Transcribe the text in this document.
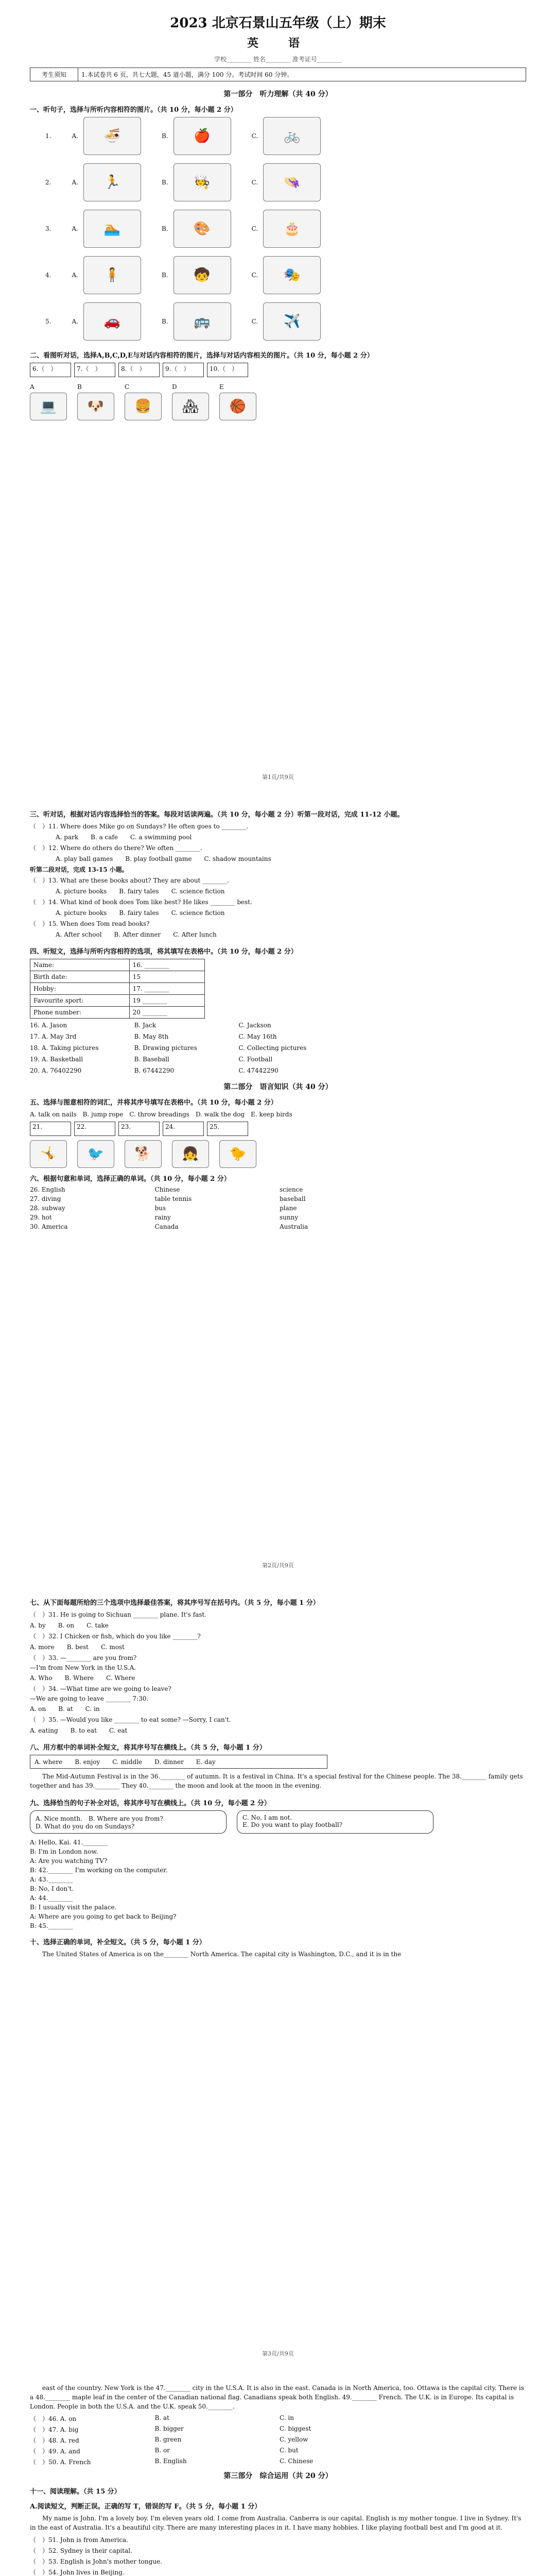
2023 北京石景山五年级（上）期末
英　语
学校________ 姓名________ 准考证号________
考生须知	1.本试卷共 6 页，共七大题，45 道小题，满分 100 分。考试时间 60 分钟。
第一部分　听力理解（共 40 分）
一、听句子，选择与所听内容相符的图片。（共 10 分，每小题 2 分）
1.	A.	🍜	B.	🍎	C.	🚲
2.	A.	🏃	B.	🧑‍🍳	C.	👒
3.	A.	🏊	B.	🎨	C.	🎂
4.	A.	🧍	B.	🧒	C.	🎭
5.	A.	🚗	B.	🚌	C.	✈️
二、看图听对话，选择A,B,C,D,E与对话内容相符的图片，选择与对话内容相关的图片。（共 10 分，每小题 2 分）
6.（　）	7.（　）	8.（　）	9.（　）	10.（　）
A
💻
B
🐶
C
🍔
D
🏘
E
🏀
第1页/共9页
三、听对话，根据对话内容选择恰当的答案。每段对话读两遍。（共 10 分，每小题 2 分）听第一段对话，完成 11-12 小题。
（　）11. Where does Mike go on Sundays? He often goes to ________.
A. park　　B. a cafe　　C. a swimming pool
（　）12. Where do others do there? We often ________.
A. play ball games　　B. play football game　　C. shadow mountains
听第二段对话，完成 13-15 小题。
（　）13. What are these books about? They are about ________.
A. picture books　　B. fairy tales　　C. science fiction
（　）14. What kind of book does Tom like best? He likes ________ best.
A. picture books　　B. fairy tales　　C. science fiction
（　）15. When does Tom read books?
A. After school　　B. After dinner　　C. After lunch
四、听短文，选择与所听内容相符的选项，将其填写在表格中。（共 10 分，每小题 2 分）
Name:	16. ________
Birth date:	15
Hobby:	17. ________
Favourite sport:	19 ________
Phone number:	20 ________
16. A. Jason	B. Jack	C. Jackson
17. A. May 3rd	B. May 8th	C. May 16th
18. A. Taking pictures	B. Drawing pictures	C. Collecting pictures
19. A. Basketball	B. Baseball	C. Football
20. A. 76402290	B. 67442290	C. 47442290
第二部分　语言知识（共 40 分）
五、选择与图意相符的词汇，并将其序号填写在表格中。（共 10 分，每小题 2 分）
A. talk on nails　B. jump rope　C. throw breadings　D. walk the dog　E. keep birds
21.	22.	23.	24.	25.
🤸	🐦	🐕	👧	🐤
六、根据句意和单词，选择正确的单词。（共 10 分，每小题 2 分）
26. English	Chinese	science
27. diving	table tennis	baseball
28. subway	bus	plane
29. hot	rainy	sunny
30. America	Canada	Australia
第2页/共9页
七、从下面每题所给的三个选项中选择最佳答案，将其序号写在括号内。（共 5 分，每小题 1 分）
（　）31. He is going to Sichuan ________ plane. It's fast.
A. by　　B. on　　C. take
（　）32. I Chicken or fish, which do you like ________?
A. more　　B. best　　C. most
（　）33. —________ are you from?
—I'm from New York in the U.S.A.
A. Who　　B. Where　　C. Where
（　）34. —What time are we going to leave?
—We are going to leave ________ 7:30.
A. on　　B. at　　C. in
（　）35. —Would you like ________ to eat some? —Sorry, I can't.
A. eating　　B. to eat　　C. eat
八、用方框中的单词补全短文，将其序号写在横线上。（共 5 分，每小题 1 分）
A. where　　B. enjoy　　C. middle　　D. dinner　　E. day
The Mid-Autumn Festival is in the 36.________ of autumn. It is a festival in China. It's a special festival for the Chinese people. The 38.________ family gets together and has 39.________ They 40.________ the moon and look at the moon in the evening.
九、选择恰当的句子补全对话，将其序号写在横线上。（共 10 分，每小题 2 分）
A. Nice month.　B. Where are you from?
D. What do you do on Sundays?
C. No, I am not.
E. Do you want to play football?
A: Hello, Kai. 41.________
B: I'm in London now.
A: Are you watching TV?
B: 42.________ I'm working on the computer.
A: 43.________
B: No, I don't.
A: 44.________
B: I usually visit the palace.
A: Where are you going to get back to Beijing?
B: 45.________
十、选择正确的单词，补全短文。（共 5 分，每小题 1 分）
The United States of America is on the________ North America. The capital city is Washington, D.C., and it is in the
第3页/共9页
east of the country. New York is the 47.________ city in the U.S.A. It is also in the east. Canada is in North America, too. Ottawa is the capital city. There is a 48.________ maple leaf in the center of the Canadian national flag. Canadians speak both English. 49.________ French. The U.K. is in Europe. Its capital is London. People in both the U.S.A. and the U.K. speak 50.________.
（　）46. A. on	B. at	C. in
（　）47. A. big	B. bigger	C. biggest
（　）48. A. red	B. green	C. yellow
（　）49. A. and	B. or	C. but
（　）50. A. French	B. English	C. Chinese
第三部分　综合运用（共 20 分）
十一、阅读理解。（共 15 分）
A.阅读短文，判断正误。正确的写 T，错误的写 F。（共 5 分，每小题 1 分）
My name is John. I'm a lovely boy. I'm eleven years old. I come from Australia. Canberra is our capital. English is my mother tongue. I live in Sydney. It's in the east of Australia. It's a beautiful city. There are many interesting places in it. I have many hobbies. I like playing football best and I'm good at it.
（　）51. John is from America.
（　）52. Sydney is their capital.
（　）53. English is John's mother tongue.
（　）54. John lives in Beijing.
